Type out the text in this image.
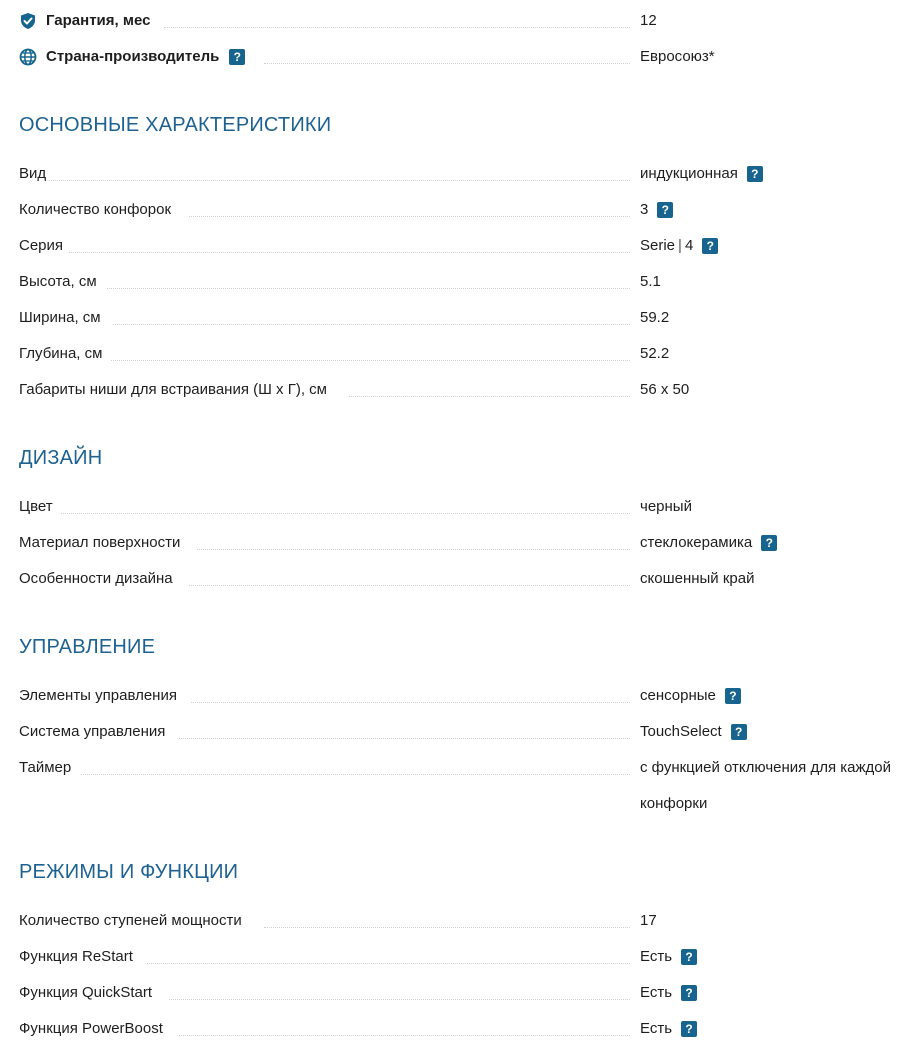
Гарантия, мес	12
Страна-производитель	?	Евросоюз*
ОСНОВНЫЕ ХАРАКТЕРИСТИКИ
Вид	индукционная	?
Количество конфорок	3	?
Серия	Serie | 4	?
Высота, см	5.1
Ширина, см	59.2
Глубина, см	52.2
Габариты ниши для встраивания (Ш x Г), см	56 x 50
ДИЗАЙН
Цвет	черный
Материал поверхности	стеклокерамика	?
Особенности дизайна	скошенный край
УПРАВЛЕНИЕ
Элементы управления	сенсорные	?
Система управления	TouchSelect	?
Таймер	с функцией отключения для каждой конфорки
РЕЖИМЫ И ФУНКЦИИ
Количество ступеней мощности	17
Функция ReStart	Есть	?
Функция QuickStart	Есть	?
Функция PowerBoost	Есть	?
